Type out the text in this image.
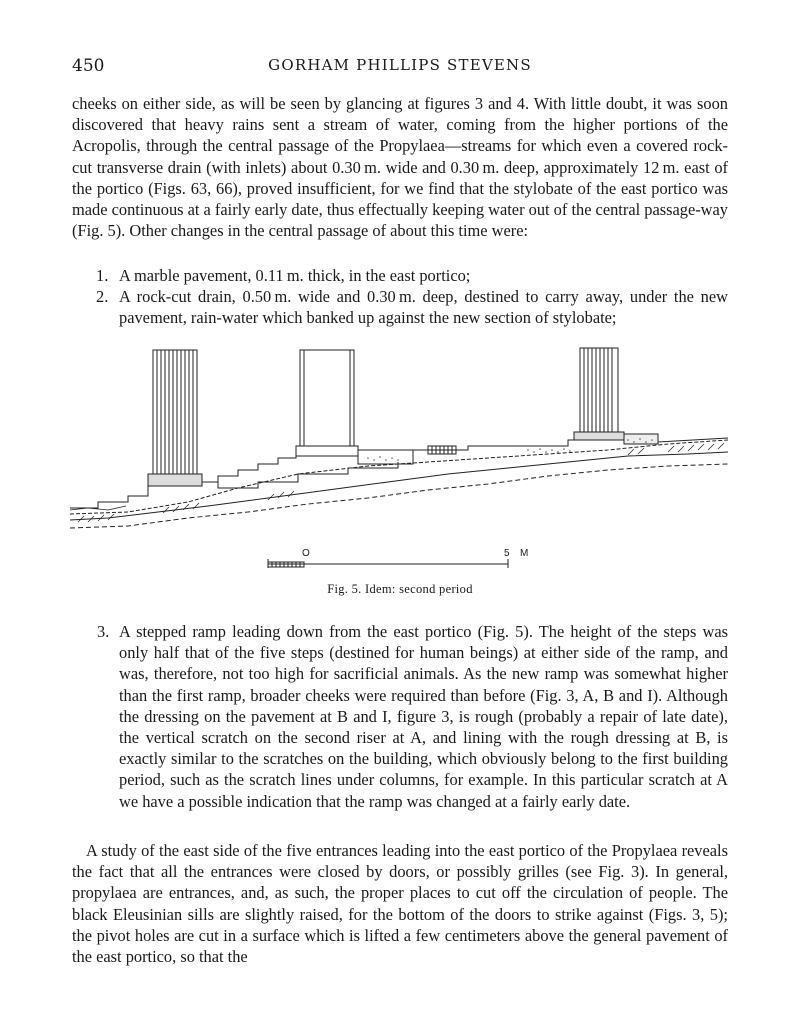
450	GORHAM PHILLIPS STEVENS

cheeks on either side, as will be seen by glancing at figures 3 and 4. With little doubt, it was soon discovered that heavy rains sent a stream of water, coming from the higher portions of the Acropolis, through the central passage of the Propylaea—streams for which even a covered rock-cut transverse drain (with inlets) about 0.30 m. wide and 0.30 m. deep, approximately 12 m. east of the portico (Figs. 63, 66), proved insufficient, for we find that the stylobate of the east portico was made continuous at a fairly early date, thus effectually keeping water out of the central passage-way (Fig. 5). Other changes in the central passage of about this time were:

1. A marble pavement, 0.11 m. thick, in the east portico;
2. A rock-cut drain, 0.50 m. wide and 0.30 m. deep, destined to carry away, under the new pavement, rain-water which banked up against the new section of stylobate;
O	5 M
Fig. 5. Idem: second period
3. A stepped ramp leading down from the east portico (Fig. 5). The height of the steps was only half that of the five steps (destined for human beings) at either side of the ramp, and was, therefore, not too high for sacrificial animals. As the new ramp was somewhat higher than the first ramp, broader cheeks were required than before (Fig. 3, A, B and I). Although the dressing on the pavement at B and I, figure 3, is rough (probably a repair of late date), the vertical scratch on the second riser at A, and lining with the rough dressing at B, is exactly similar to the scratches on the building, which obviously belong to the first building period, such as the scratch lines under columns, for example. In this particular scratch at A we have a possible indication that the ramp was changed at a fairly early date.

A study of the east side of the five entrances leading into the east portico of the Propylaea reveals the fact that all the entrances were closed by doors, or possibly grilles (see Fig. 3). In general, propylaea are entrances, and, as such, the proper places to cut off the circulation of people. The black Eleusinian sills are slightly raised, for the bottom of the doors to strike against (Figs. 3, 5); the pivot holes are cut in a surface which is lifted a few centimeters above the general pavement of the east portico, so that the
